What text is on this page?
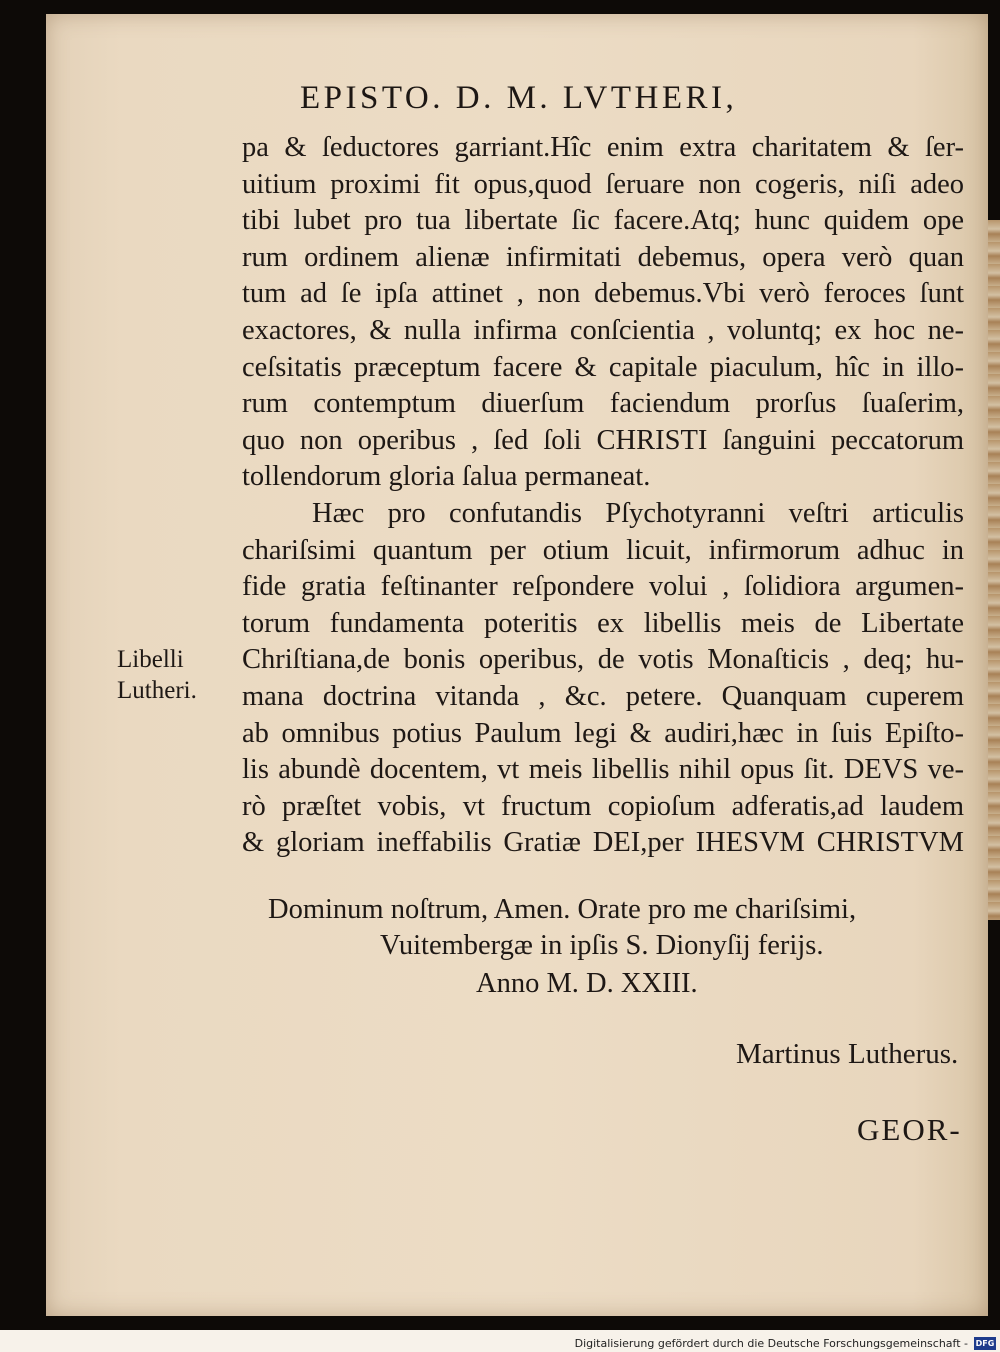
EPISTO. D. M. LVTHERI,
pa & ſeductores garriant.Hîc enim extra charitatem & ſer-
uitium proximi fit opus,quod ſeruare non cogeris, niſi adeo
tibi lubet pro tua libertate ſic facere.Atq; hunc quidem ope
rum ordinem alienæ infirmitati debemus, opera verò quan
tum ad ſe ipſa attinet , non debemus.Vbi verò feroces ſunt
exactores, & nulla infirma conſcientia , voluntq; ex hoc ne-
ceſsitatis præceptum facere & capitale piaculum, hîc in illo-
rum contemptum diuerſum faciendum prorſus ſuaſerim,
quo non operibus , ſed ſoli CHRISTI ſanguini peccatorum
tollendorum gloria ſalua permaneat.
Hæc pro confutandis Pſychotyranni veſtri articulis
chariſsimi quantum per otium licuit, infirmorum adhuc in
fide gratia feſtinanter reſpondere volui , ſolidiora argumen-
torum fundamenta poteritis ex libellis meis de Libertate
Chriſtiana,de bonis operibus, de votis Monaſticis , deq; hu-
mana doctrina vitanda , &c. petere. Quanquam cuperem
ab omnibus potius Paulum legi & audiri,hæc in ſuis Epiſto-
lis abundè docentem, vt meis libellis nihil opus ſit. DEVS ve-
rò præſtet vobis, vt fructum copioſum adferatis,ad laudem
& gloriam ineffabilis Gratiæ DEI,per IHESVM CHRISTVM
Dominum noſtrum, Amen. Orate pro me chariſsimi,
Vuitembergæ in ipſis S. Dionyſij ferijs.
Anno M. D. XXIII.
Martinus Lutherus.
GEOR-
Libelli
Lutheri.
Digitalisierung gefördert durch die Deutsche Forschungsgemeinschaft - DFG
